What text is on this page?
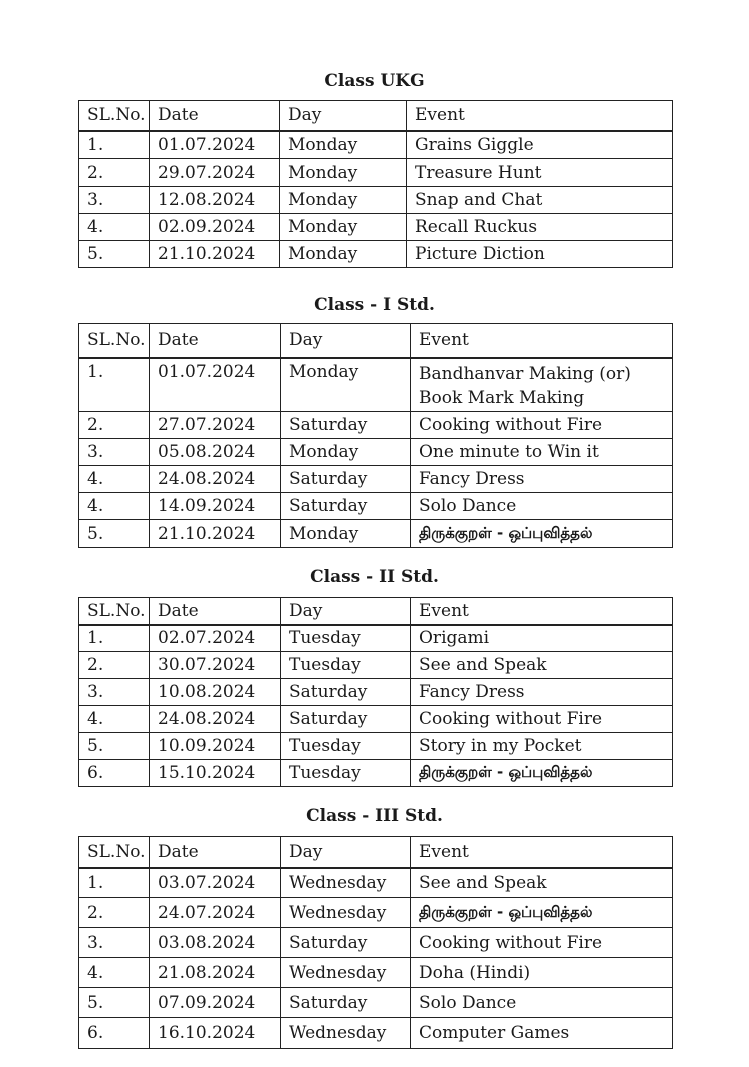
Class UKG
SL.No.	Date	Day	Event
1.	01.07.2024	Monday	Grains Giggle
2.	29.07.2024	Monday	Treasure Hunt
3.	12.08.2024	Monday	Snap and Chat
4.	02.09.2024	Monday	Recall Ruckus
5.	21.10.2024	Monday	Picture Diction
Class - I Std.
SL.No.	Date	Day	Event
1.	01.07.2024	Monday	Bandhanvar Making (or) Book Mark Making
2.	27.07.2024	Saturday	Cooking without Fire
3.	05.08.2024	Monday	One minute to Win it
4.	24.08.2024	Saturday	Fancy Dress
4.	14.09.2024	Saturday	Solo Dance
5.	21.10.2024	Monday	திருக்குறள் - ஒப்புவித்தல்
Class - II Std.
SL.No.	Date	Day	Event
1.	02.07.2024	Tuesday	Origami
2.	30.07.2024	Tuesday	See and Speak
3.	10.08.2024	Saturday	Fancy Dress
4.	24.08.2024	Saturday	Cooking without Fire
5.	10.09.2024	Tuesday	Story in my Pocket
6.	15.10.2024	Tuesday	திருக்குறள் - ஒப்புவித்தல்
Class - III Std.
SL.No.	Date	Day	Event
1.	03.07.2024	Wednesday	See and Speak
2.	24.07.2024	Wednesday	திருக்குறள் - ஒப்புவித்தல்
3.	03.08.2024	Saturday	Cooking without Fire
4.	21.08.2024	Wednesday	Doha (Hindi)
5.	07.09.2024	Saturday	Solo Dance
6.	16.10.2024	Wednesday	Computer Games
